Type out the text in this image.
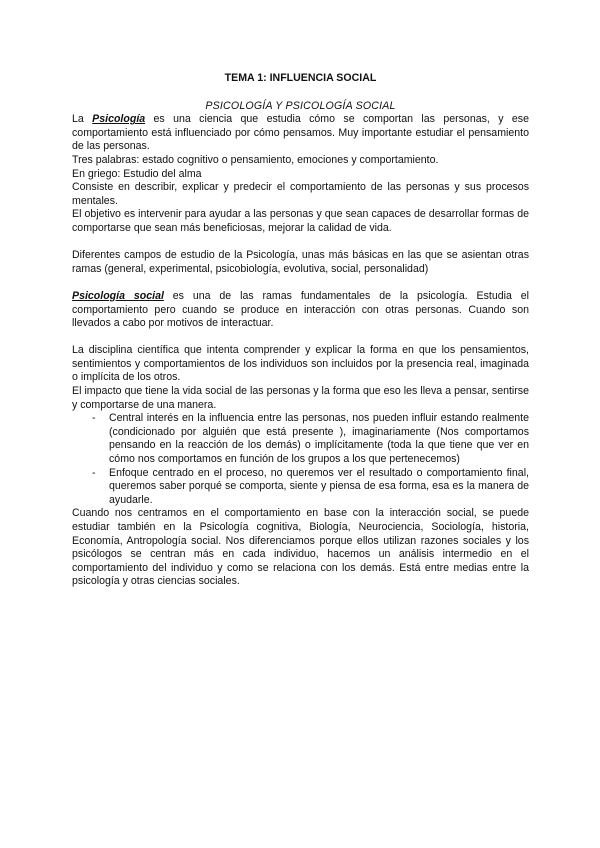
TEMA 1: INFLUENCIA SOCIAL

PSICOLOGÍA Y PSICOLOGÍA SOCIAL

La Psicología es una ciencia que estudia cómo se comportan las personas, y ese comportamiento está influenciado por cómo pensamos. Muy importante estudiar el pensamiento de las personas.

Tres palabras: estado cognitivo o pensamiento, emociones y comportamiento.

En griego: Estudio del alma

Consiste en describir, explicar y predecir el comportamiento de las personas y sus procesos mentales.

El objetivo es intervenir para ayudar a las personas y que sean capaces de desarrollar formas de comportarse que sean más beneficiosas, mejorar la calidad de vida.

Diferentes campos de estudio de la Psicología, unas más básicas en las que se asientan otras ramas (general, experimental, psicobiología, evolutiva, social, personalidad)

Psicología social es una de las ramas fundamentales de la psicología. Estudia el comportamiento pero cuando se produce en interacción con otras personas. Cuando son llevados a cabo por motivos de interactuar.

La disciplina científica que intenta comprender y explicar la forma en que los pensamientos, sentimientos y comportamientos de los individuos son incluidos por la presencia real, imaginada o implícita de los otros.

El impacto que tiene la vida social de las personas y la forma que eso les lleva a pensar, sentirse y comportarse de una manera.

- Central interés en la influencia entre las personas, nos pueden influir estando realmente (condicionado por alguién que está presente ), imaginariamente (Nos comportamos pensando en la reacción de los demás) o implícitamente (toda la que tiene que ver en cómo nos comportamos en función de los grupos a los que pertenecemos)
- Enfoque centrado en el proceso, no queremos ver el resultado o comportamiento final, queremos saber porqué se comporta, siente y piensa de esa forma, esa es la manera de ayudarle.

Cuando nos centramos en el comportamiento en base con la interacción social, se puede estudiar también en la Psicología cognitiva, Biología, Neurociencia, Sociología, historia, Economía, Antropología social. Nos diferenciamos porque ellos utilizan razones sociales y los psicólogos se centran más en cada individuo, hacemos un análisis intermedio en el comportamiento del individuo y como se relaciona con los demás. Está entre medias entre la psicología y otras ciencias sociales.
